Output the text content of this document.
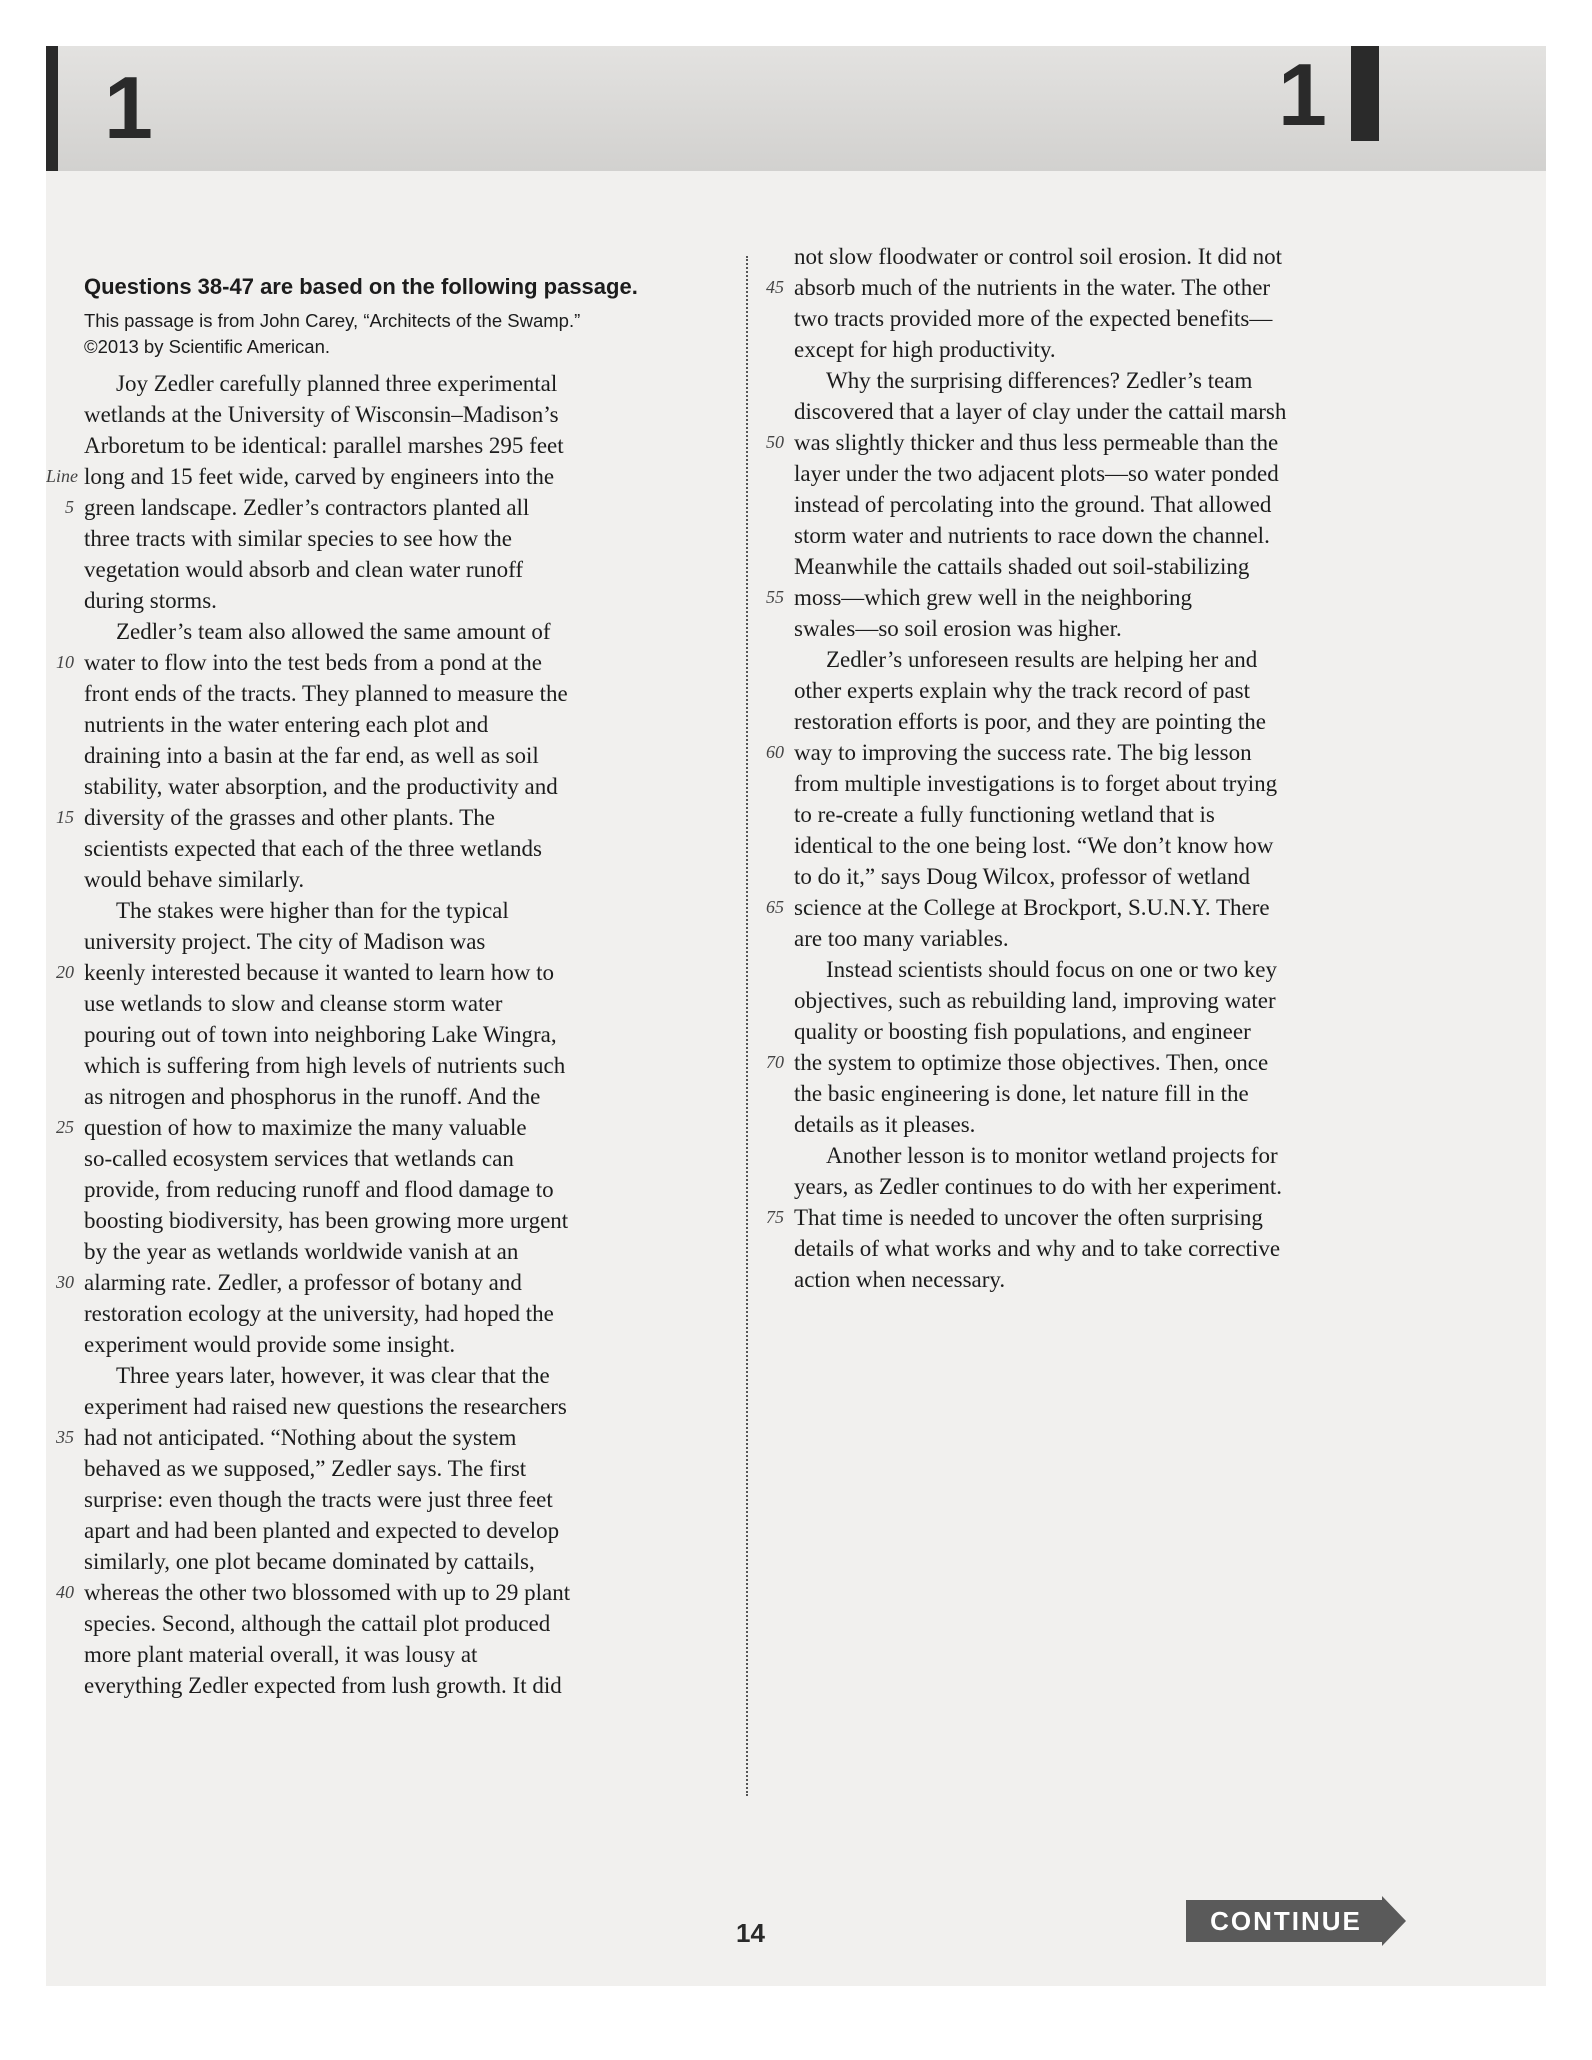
1	1
Questions 38-47 are based on the following passage.

This passage is from John Carey, “Architects of the Swamp.”

©2013 by Scientific American.

Joy Zedler carefully planned three experimental
wetlands at the University of Wisconsin–Madison’s
Arboretum to be identical: parallel marshes 295 feet
Line long and 15 feet wide, carved by engineers into the
5 green landscape. Zedler’s contractors planted all
three tracts with similar species to see how the
vegetation would absorb and clean water runoff
during storms.
Zedler’s team also allowed the same amount of
10 water to flow into the test beds from a pond at the
front ends of the tracts. They planned to measure the
nutrients in the water entering each plot and
draining into a basin at the far end, as well as soil
stability, water absorption, and the productivity and
15 diversity of the grasses and other plants. The
scientists expected that each of the three wetlands
would behave similarly.
The stakes were higher than for the typical
university project. The city of Madison was
20 keenly interested because it wanted to learn how to
use wetlands to slow and cleanse storm water
pouring out of town into neighboring Lake Wingra,
which is suffering from high levels of nutrients such
as nitrogen and phosphorus in the runoff. And the
25 question of how to maximize the many valuable
so-called ecosystem services that wetlands can
provide, from reducing runoff and flood damage to
boosting biodiversity, has been growing more urgent
by the year as wetlands worldwide vanish at an
30 alarming rate. Zedler, a professor of botany and
restoration ecology at the university, had hoped the
experiment would provide some insight.
Three years later, however, it was clear that the
experiment had raised new questions the researchers
35 had not anticipated. “Nothing about the system
behaved as we supposed,” Zedler says. The first
surprise: even though the tracts were just three feet
apart and had been planted and expected to develop
similarly, one plot became dominated by cattails,
40 whereas the other two blossomed with up to 29 plant
species. Second, although the cattail plot produced
more plant material overall, it was lousy at
everything Zedler expected from lush growth. It did
not slow floodwater or control soil erosion. It did not
45 absorb much of the nutrients in the water. The other
two tracts provided more of the expected benefits—
except for high productivity.
Why the surprising differences? Zedler’s team
discovered that a layer of clay under the cattail marsh
50 was slightly thicker and thus less permeable than the
layer under the two adjacent plots—so water ponded
instead of percolating into the ground. That allowed
storm water and nutrients to race down the channel.
Meanwhile the cattails shaded out soil-stabilizing
55 moss—which grew well in the neighboring
swales—so soil erosion was higher.
Zedler’s unforeseen results are helping her and
other experts explain why the track record of past
restoration efforts is poor, and they are pointing the
60 way to improving the success rate. The big lesson
from multiple investigations is to forget about trying
to re-create a fully functioning wetland that is
identical to the one being lost. “We don’t know how
to do it,” says Doug Wilcox, professor of wetland
65 science at the College at Brockport, S.U.N.Y. There
are too many variables.
Instead scientists should focus on one or two key
objectives, such as rebuilding land, improving water
quality or boosting fish populations, and engineer
70 the system to optimize those objectives. Then, once
the basic engineering is done, let nature fill in the
details as it pleases.
Another lesson is to monitor wetland projects for
years, as Zedler continues to do with her experiment.
75 That time is needed to uncover the often surprising
details of what works and why and to take corrective
action when necessary.
14	CONTINUE
